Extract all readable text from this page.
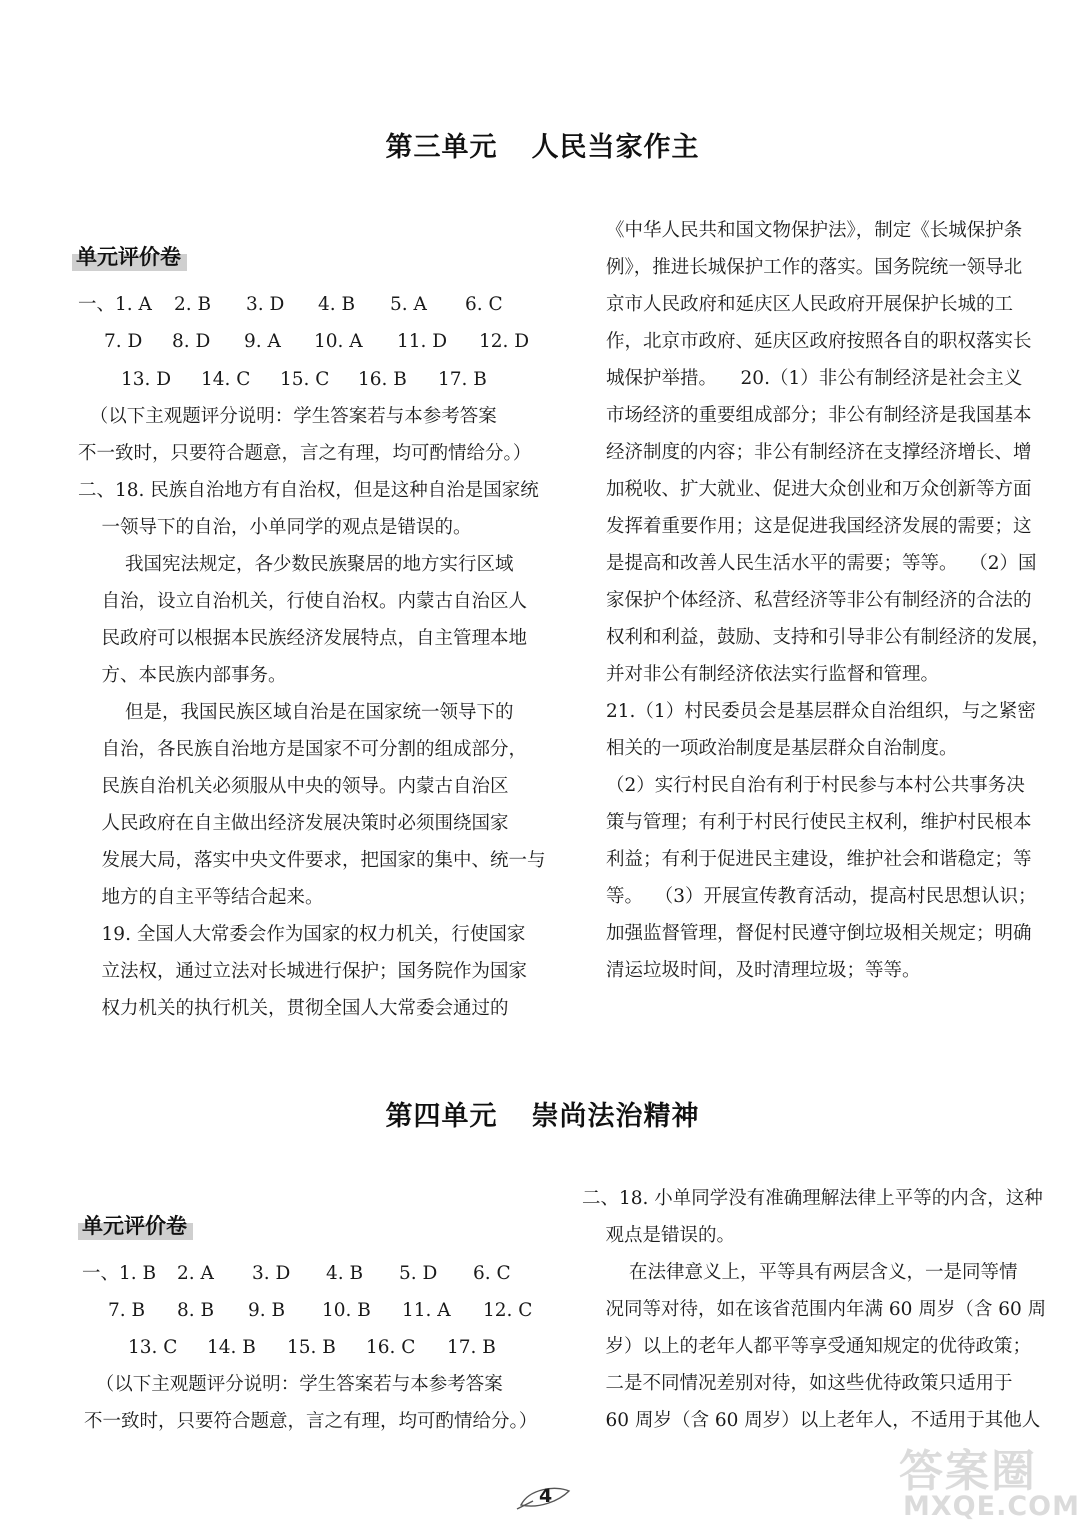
第三单元 人民当家作主
单元评价卷
一、1. A 2. B 3. D 4. B 5. A 6. C
7. D 8. D 9. A 10. A 11. D 12. D
13. D 14. C 15. C 16. B 17. B
（以下主观题评分说明：学生答案若与本参考答案
不一致时，只要符合题意，言之有理，均可酌情给分。）
二、18. 民族自治地方有自治权，但是这种自治是国家统
一领导下的自治，小单同学的观点是错误的。
我国宪法规定，各少数民族聚居的地方实行区域
自治，设立自治机关，行使自治权。内蒙古自治区人
民政府可以根据本民族经济发展特点，自主管理本地
方、本民族内部事务。
但是，我国民族区域自治是在国家统一领导下的
自治，各民族自治地方是国家不可分割的组成部分，
民族自治机关必须服从中央的领导。内蒙古自治区
人民政府在自主做出经济发展决策时必须围绕国家
发展大局，落实中央文件要求，把国家的集中、统一与
地方的自主平等结合起来。
19. 全国人大常委会作为国家的权力机关，行使国家
立法权，通过立法对长城进行保护；国务院作为国家
权力机关的执行机关，贯彻全国人大常委会通过的
《中华人民共和国文物保护法》，制定《长城保护条
例》，推进长城保护工作的落实。国务院统一领导北
京市人民政府和延庆区人民政府开展保护长城的工
作，北京市政府、延庆区政府按照各自的职权落实长
城保护举措。    20.（1）非公有制经济是社会主义
市场经济的重要组成部分；非公有制经济是我国基本
经济制度的内容；非公有制经济在支撑经济增长、增
加税收、扩大就业、促进大众创业和万众创新等方面
发挥着重要作用；这是促进我国经济发展的需要；这
是提高和改善人民生活水平的需要；等等。  （2）国
家保护个体经济、私营经济等非公有制经济的合法的
权利和利益，鼓励、支持和引导非公有制经济的发展，
并对非公有制经济依法实行监督和管理。
21.（1）村民委员会是基层群众自治组织，与之紧密
相关的一项政治制度是基层群众自治制度。
（2）实行村民自治有利于村民参与本村公共事务决
策与管理；有利于村民行使民主权利，维护村民根本
利益；有利于促进民主建设，维护社会和谐稳定；等
等。  （3）开展宣传教育活动，提高村民思想认识；
加强监督管理，督促村民遵守倒垃圾相关规定；明确
清运垃圾时间，及时清理垃圾；等等。
第四单元 崇尚法治精神
单元评价卷
一、1. B 2. A 3. D 4. B 5. D 6. C
7. B 8. B 9. B 10. B 11. A 12. C
13. C 14. B 15. B 16. C 17. B
（以下主观题评分说明：学生答案若与本参考答案
不一致时，只要符合题意，言之有理，均可酌情给分。）
二、18. 小单同学没有准确理解法律上平等的内含，这种
观点是错误的。
在法律意义上，平等具有两层含义，一是同等情
况同等对待，如在该省范围内年满 60 周岁（含 60 周
岁）以上的老年人都平等享受通知规定的优待政策；
二是不同情况差别对待，如这些优待政策只适用于
60 周岁（含 60 周岁）以上老年人，不适用于其他人
4	答案圈
MXQE.COM
